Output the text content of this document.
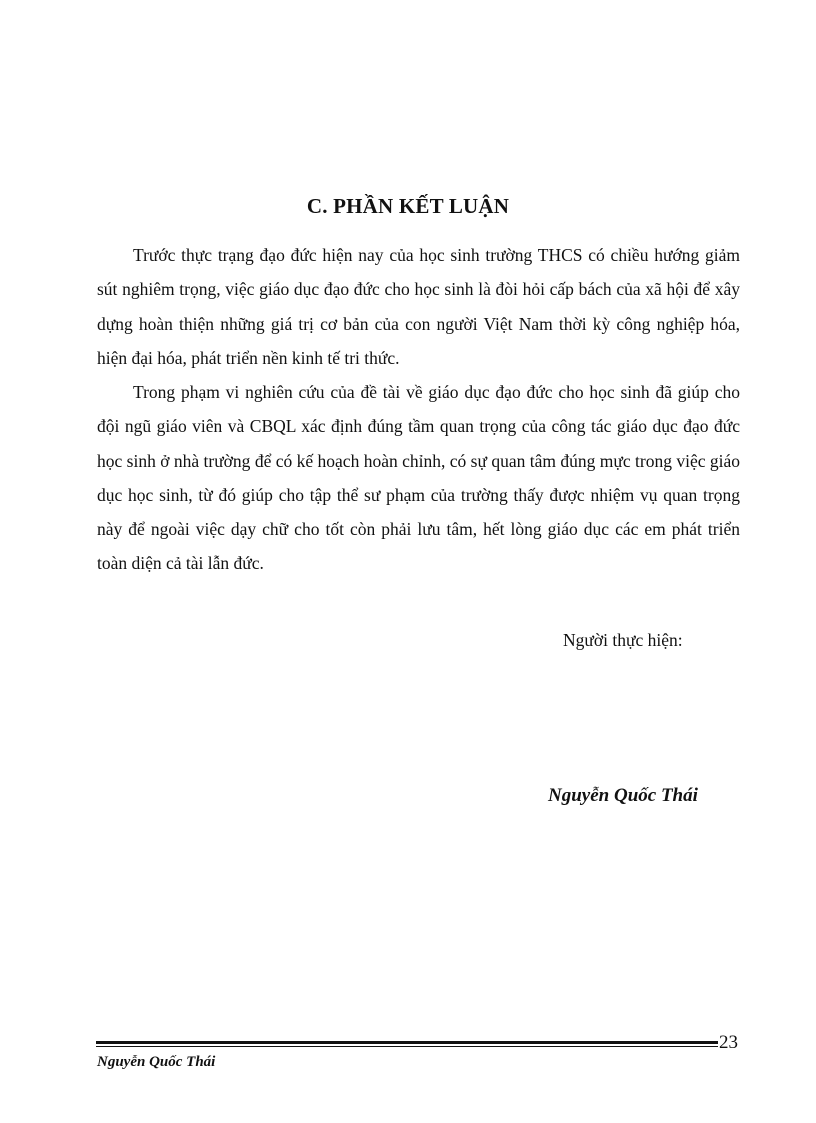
C. PHẦN KẾT LUẬN

Trước thực trạng đạo đức hiện nay của học sinh trường THCS có chiều hướng giảm sút nghiêm trọng, việc giáo dục đạo đức cho học sinh là đòi hỏi cấp bách của xã hội để xây dựng hoàn thiện những giá trị cơ bản của con người Việt Nam thời kỳ công nghiệp hóa, hiện đại hóa, phát triển nền kinh tế tri thức.

Trong phạm vi nghiên cứu của đề tài về giáo dục đạo đức cho học sinh đã giúp cho đội ngũ giáo viên và CBQL xác định đúng tầm quan trọng của công tác giáo dục đạo đức học sinh ở nhà trường để có kế hoạch hoàn chỉnh, có sự quan tâm đúng mực trong việc giáo dục học sinh, từ đó giúp cho tập thể sư phạm của trường thấy được nhiệm vụ quan trọng này để ngoài việc dạy chữ cho tốt còn phải lưu tâm, hết lòng giáo dục các em phát triển toàn diện cả tài lẫn đức.

Người thực hiện:
Nguyễn Quốc Thái
23
Nguyễn Quốc Thái
